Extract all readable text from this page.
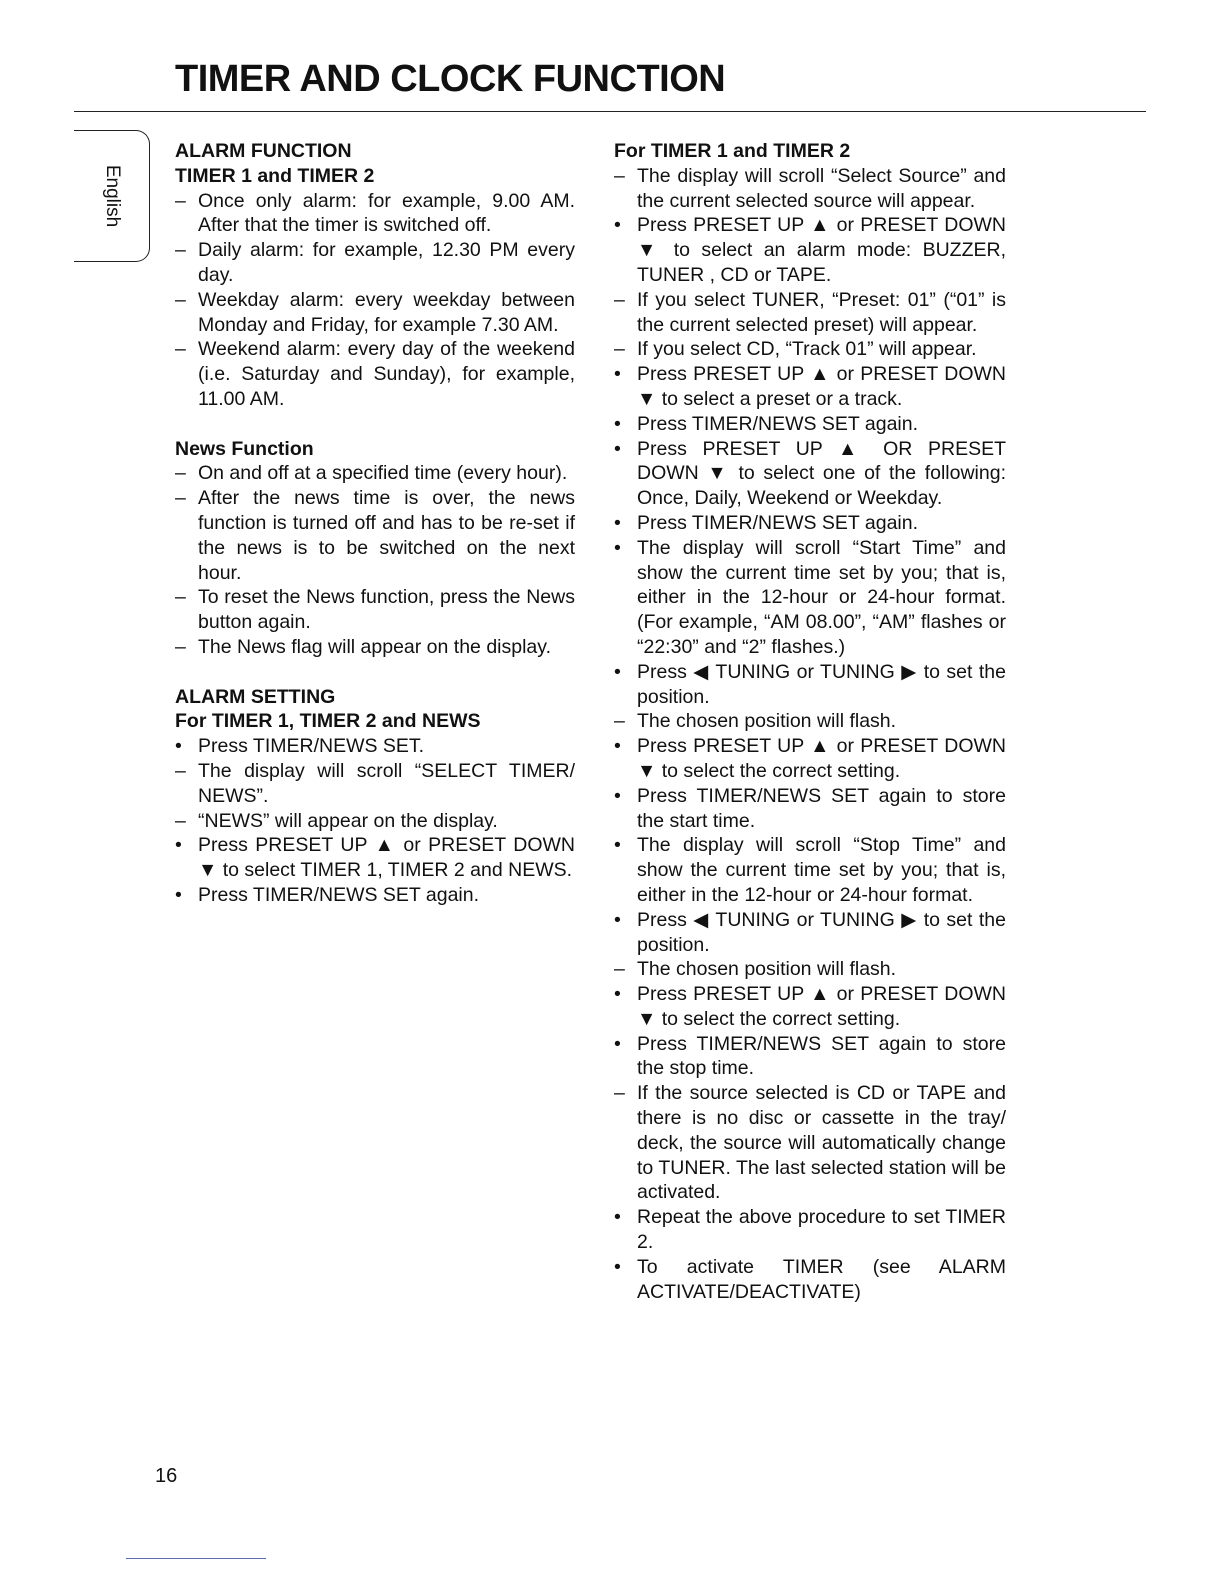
TIMER AND CLOCK FUNCTION
English
ALARM FUNCTION
TIMER 1 and TIMER 2
– Once only alarm: for example, 9.00 AM. After that the timer is switched off.
– Daily alarm: for example, 12.30 PM every day.
– Weekday alarm: every weekday between Monday and Friday, for example 7.30 AM.
– Weekend alarm: every day of the weekend (i.e. Saturday and Sunday), for example, 11.00 AM.
News Function
– On and off at a specified time (every hour).
– After the news time is over, the news function is turned off and has to be re-set if the news is to be switched on the next hour.
– To reset the News function, press the News button again.
– The News flag will appear on the display.
ALARM SETTING
For TIMER 1, TIMER 2 and NEWS
• Press TIMER/NEWS SET.
– The display will scroll “SELECT TIMER/ NEWS”.
– “NEWS” will appear on the display.
• Press PRESET UP ▲ or PRESET DOWN ▼ to select TIMER 1, TIMER 2 and NEWS.
• Press TIMER/NEWS SET again.
For TIMER 1 and TIMER 2
– The display will scroll “Select Source” and the current selected source will appear.
• Press PRESET UP ▲ or PRESET DOWN ▼ to select an alarm mode: BUZZER, TUNER , CD or TAPE.
– If you select TUNER, “Preset: 01” (“01” is the current selected preset) will appear.
– If you select CD, “Track 01” will appear.
• Press PRESET UP ▲ or PRESET DOWN ▼ to select a preset or a track.
• Press TIMER/NEWS SET again.
• Press PRESET UP ▲ OR PRESET DOWN ▼ to select one of the following: Once, Daily, Weekend or Weekday.
• Press TIMER/NEWS SET again.
• The display will scroll “Start Time” and show the current time set by you; that is, either in the 12-hour or 24-hour format. (For example, “AM 08.00”, “AM” flashes or “22:30” and “2” flashes.)
• Press ◀ TUNING or TUNING ▶ to set the position.
– The chosen position will flash.
• Press PRESET UP ▲ or PRESET DOWN ▼ to select the correct setting.
• Press TIMER/NEWS SET again to store the start time.
• The display will scroll “Stop Time” and show the current time set by you; that is, either in the 12-hour or 24-hour format.
• Press ◀ TUNING or TUNING ▶ to set the position.
– The chosen position will flash.
• Press PRESET UP ▲ or PRESET DOWN ▼ to select the correct setting.
• Press TIMER/NEWS SET again to store the stop time.
– If the source selected is CD or TAPE and there is no disc or cassette in the tray/ deck, the source will automatically change to TUNER. The last selected station will be activated.
• Repeat the above procedure to set TIMER 2.
• To activate TIMER (see ALARM ACTIVATE/DEACTIVATE)
16
